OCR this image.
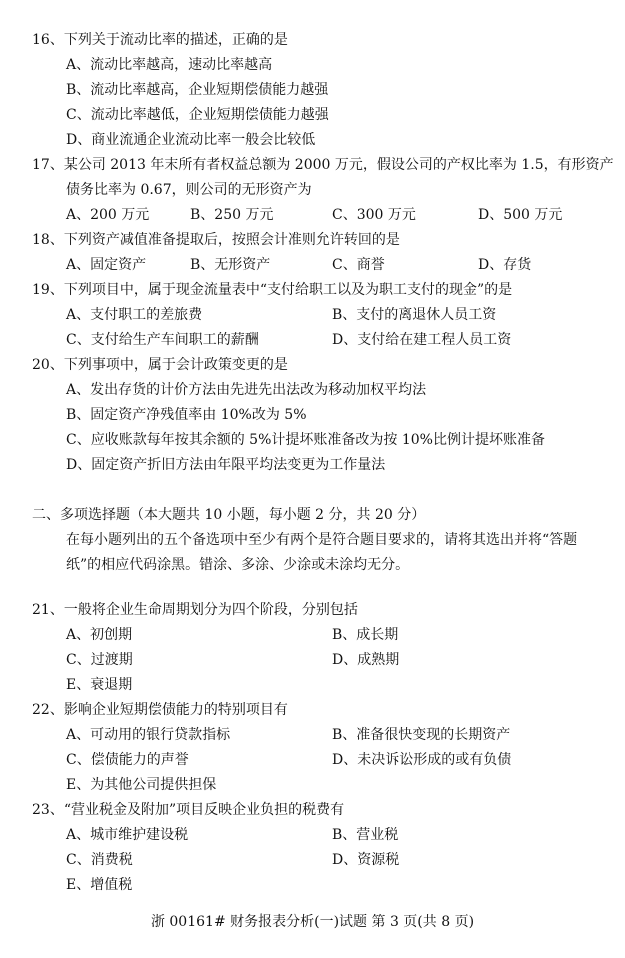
16、下列关于流动比率的描述，正确的是
A、流动比率越高，速动比率越高
B、流动比率越高，企业短期偿债能力越强
C、流动比率越低，企业短期偿债能力越强
D、商业流通企业流动比率一般会比较低
17、某公司 2013 年末所有者权益总额为 2000 万元，假设公司的产权比率为 1.5，有形资产
债务比率为 0.67，则公司的无形资产为
A、200 万元	B、250 万元	C、300 万元	D、500 万元
18、下列资产减值准备提取后，按照会计准则允许转回的是
A、固定资产	B、无形资产	C、商誉	D、存货
19、下列项目中，属于现金流量表中“支付给职工以及为职工支付的现金”的是
A、支付职工的差旅费	B、支付的离退休人员工资
C、支付给生产车间职工的薪酬	D、支付给在建工程人员工资
20、下列事项中，属于会计政策变更的是
A、发出存货的计价方法由先进先出法改为移动加权平均法
B、固定资产净残值率由 10%改为 5%
C、应收账款每年按其余额的 5%计提坏账准备改为按 10%比例计提坏账准备
D、固定资产折旧方法由年限平均法变更为工作量法
二、多项选择题（本大题共 10 小题，每小题 2 分，共 20 分）
在每小题列出的五个备选项中至少有两个是符合题目要求的，请将其选出并将“答题
纸”的相应代码涂黑。错涂、多涂、少涂或未涂均无分。
21、一般将企业生命周期划分为四个阶段，分别包括
A、初创期	B、成长期
C、过渡期	D、成熟期
E、衰退期
22、影响企业短期偿债能力的特别项目有
A、可动用的银行贷款指标	B、准备很快变现的长期资产
C、偿债能力的声誉	D、未决诉讼形成的或有负债
E、为其他公司提供担保
23、“营业税金及附加”项目反映企业负担的税费有
A、城市维护建设税	B、营业税
C、消费税	D、资源税
E、增值税
浙 00161# 财务报表分析(一)试题 第 3 页(共 8 页)
